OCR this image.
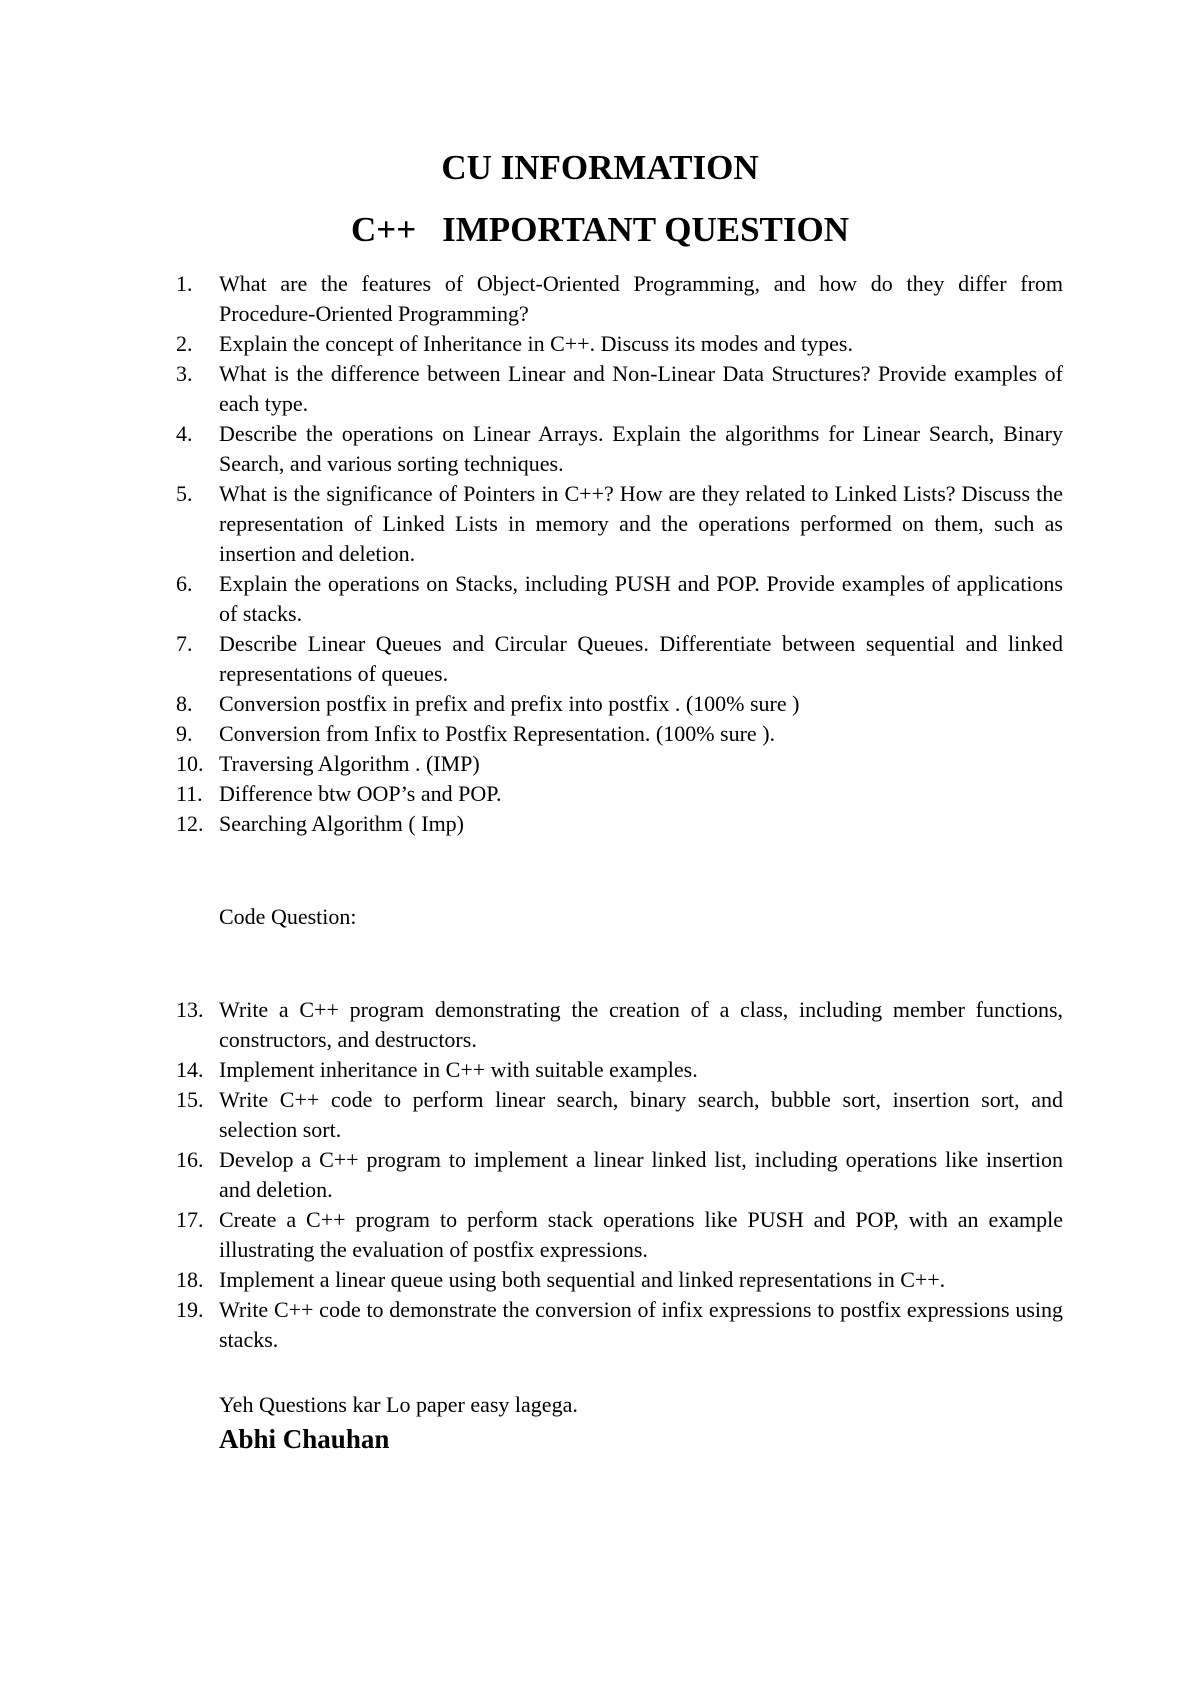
CU INFORMATION
C++ IMPORTANT QUESTION
1. What are the features of Object-Oriented Programming, and how do they differ from Procedure-Oriented Programming?
2. Explain the concept of Inheritance in C++. Discuss its modes and types.
3. What is the difference between Linear and Non-Linear Data Structures? Provide examples of each type.
4. Describe the operations on Linear Arrays. Explain the algorithms for Linear Search, Binary Search, and various sorting techniques.
5. What is the significance of Pointers in C++? How are they related to Linked Lists? Discuss the representation of Linked Lists in memory and the operations performed on them, such as insertion and deletion.
6. Explain the operations on Stacks, including PUSH and POP. Provide examples of applications of stacks.
7. Describe Linear Queues and Circular Queues. Differentiate between sequential and linked representations of queues.
8. Conversion postfix in prefix and prefix into postfix . (100% sure )
9. Conversion from Infix to Postfix Representation. (100% sure ).
10. Traversing Algorithm . (IMP)
11. Difference btw OOP’s and POP.
12. Searching Algorithm ( Imp)
Code Question:
13. Write a C++ program demonstrating the creation of a class, including member functions, constructors, and destructors.
14. Implement inheritance in C++ with suitable examples.
15. Write C++ code to perform linear search, binary search, bubble sort, insertion sort, and selection sort.
16. Develop a C++ program to implement a linear linked list, including operations like insertion and deletion.
17. Create a C++ program to perform stack operations like PUSH and POP, with an example illustrating the evaluation of postfix expressions.
18. Implement a linear queue using both sequential and linked representations in C++.
19. Write C++ code to demonstrate the conversion of infix expressions to postfix expressions using stacks.
Yeh Questions kar Lo paper easy lagega.
Abhi Chauhan
